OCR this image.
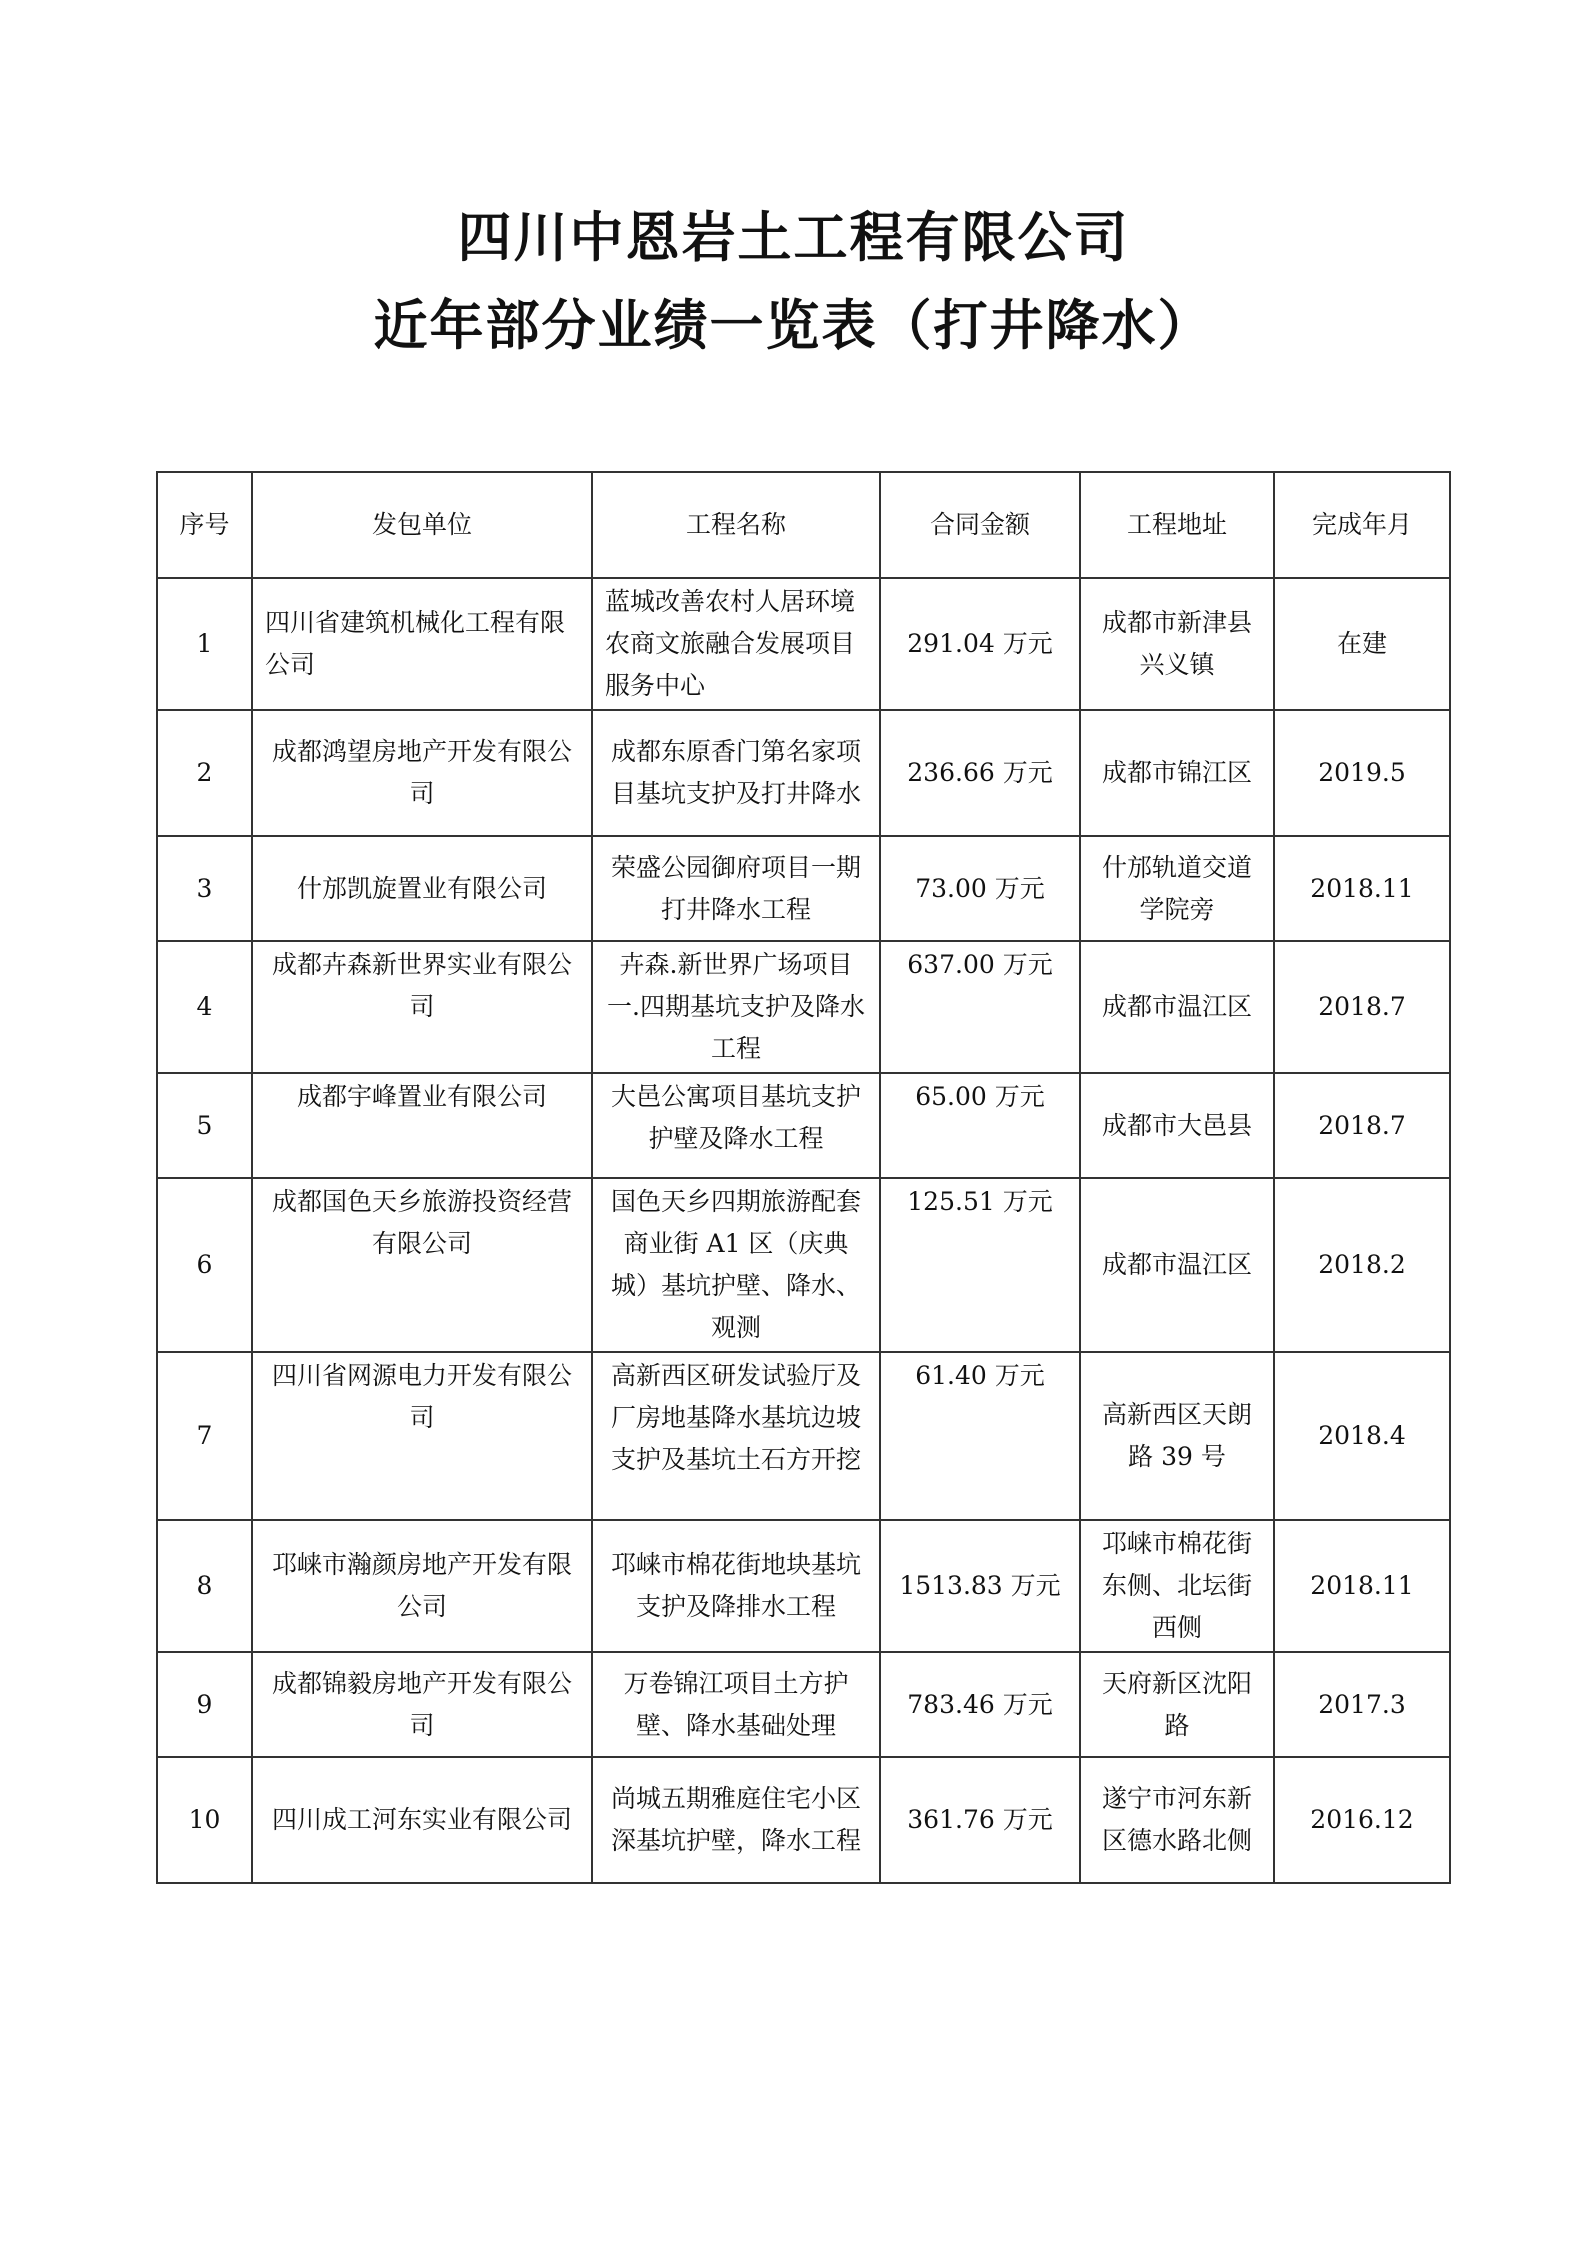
四川中恩岩土工程有限公司
近年部分业绩一览表（打井降水）
序号	发包单位	工程名称	合同金额	工程地址	完成年月
1	四川省建筑机械化工程有限公司	蓝城改善农村人居环境农商文旅融合发展项目服务中心	291.04 万元	成都市新津县兴义镇	在建
2	成都鸿望房地产开发有限公司	成都东原香门第名家项目基坑支护及打井降水	236.66 万元	成都市锦江区	2019.5
3	什邡凯旋置业有限公司	荣盛公园御府项目一期打井降水工程	73.00 万元	什邡轨道交道学院旁	2018.11
4	成都卉森新世界实业有限公司	卉森.新世界广场项目一.四期基坑支护及降水工程	637.00 万元	成都市温江区	2018.7
5	成都宇峰置业有限公司	大邑公寓项目基坑支护护壁及降水工程	65.00 万元	成都市大邑县	2018.7
6	成都国色天乡旅游投资经营有限公司	国色天乡四期旅游配套商业街 A1 区（庆典城）基坑护壁、降水、观测	125.51 万元	成都市温江区	2018.2
7	四川省网源电力开发有限公司	高新西区研发试验厅及厂房地基降水基坑边坡支护及基坑土石方开挖	61.40 万元	高新西区天朗路 39 号	2018.4
8	邛崃市瀚颜房地产开发有限公司	邛崃市棉花街地块基坑支护及降排水工程	1513.83 万元	邛崃市棉花街东侧、北坛街西侧	2018.11
9	成都锦毅房地产开发有限公司	万卷锦江项目土方护壁、降水基础处理	783.46 万元	天府新区沈阳路	2017.3
10	四川成工河东实业有限公司	尚城五期雅庭住宅小区深基坑护壁，降水工程	361.76 万元	遂宁市河东新区德水路北侧	2016.12
